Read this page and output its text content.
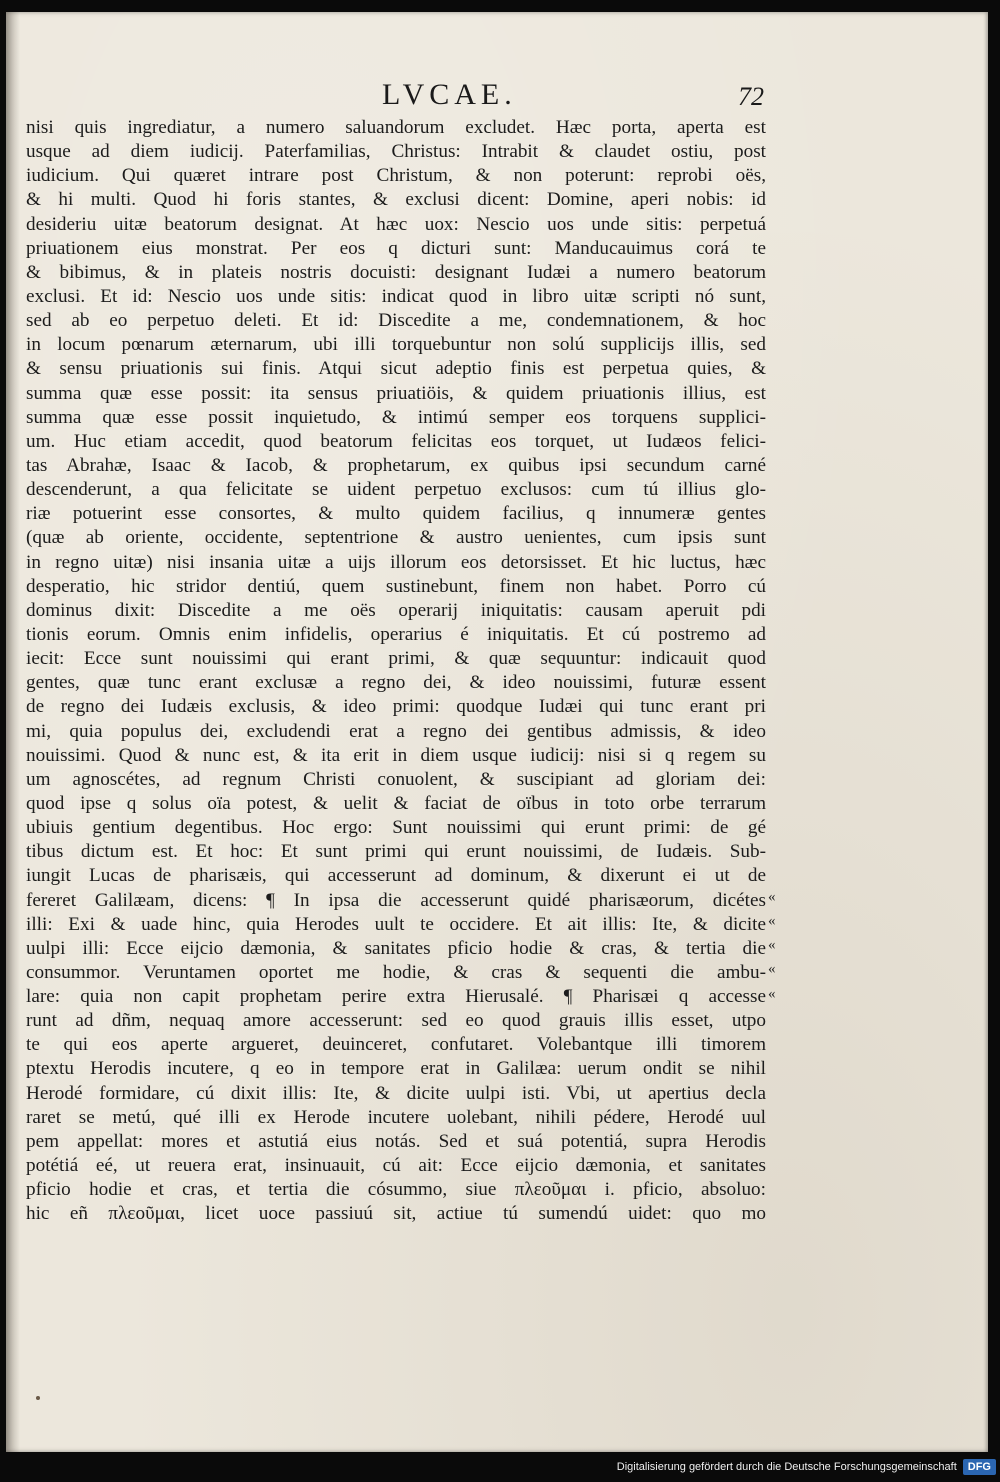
LVCAE.	72
nisi quis ingrediatur, a numero saluandorum excludet. Hæc porta, aperta est
usque ad diem iudicij. Paterfamilias, Christus: Intrabit & claudet ostiu, post
iudicium. Qui quæret intrare post Christum, & non poterunt: reprobi oës,
& hi multi. Quod hi foris stantes, & exclusi dicent: Domine, aperi nobis: id
desideriu uitæ beatorum designat. At hæc uox: Nescio uos unde sitis: perpetuá
priuationem eius monstrat. Per eos q dicturi sunt: Manducauimus corá te
& bibimus, & in plateis nostris docuisti: designant Iudæi a numero beatorum
exclusi. Et id: Nescio uos unde sitis: indicat quod in libro uitæ scripti nó sunt,
sed ab eo perpetuo deleti. Et id: Discedite a me, condemnationem, & hoc
in locum pœnarum æternarum, ubi illi torquebuntur non solú supplicijs illis, sed
& sensu priuationis sui finis. Atqui sicut adeptio finis est perpetua quies, &
summa quæ esse possit: ita sensus priuatiöis, & quidem priuationis illius, est
summa quæ esse possit inquietudo, & intimú semper eos torquens supplici-
um. Huc etiam accedit, quod beatorum felicitas eos torquet, ut Iudæos felici-
tas Abrahæ, Isaac & Iacob, & prophetarum, ex quibus ipsi secundum carné
descenderunt, a qua felicitate se uident perpetuo exclusos: cum tú illius glo-
riæ potuerint esse consortes, & multo quidem facilius, q innumeræ gentes
(quæ ab oriente, occidente, septentrione & austro uenientes, cum ipsis sunt
in regno uitæ) nisi insania uitæ a uijs illorum eos detorsisset. Et hic luctus, hæc
desperatio, hic stridor dentiú, quem sustinebunt, finem non habet. Porro cú
dominus dixit: Discedite a me oës operarij iniquitatis: causam aperuit pdi
tionis eorum. Omnis enim infidelis, operarius é iniquitatis. Et cú postremo ad
iecit: Ecce sunt nouissimi qui erant primi, & quæ sequuntur: indicauit quod
gentes, quæ tunc erant exclusæ a regno dei, & ideo nouissimi, futuræ essent
de regno dei Iudæis exclusis, & ideo primi: quodque Iudæi qui tunc erant pri
mi, quia populus dei, excludendi erat a regno dei gentibus admissis, & ideo
nouissimi. Quod & nunc est, & ita erit in diem usque iudicij: nisi si q regem su
um agnoscétes, ad regnum Christi conuolent, & suscipiant ad gloriam dei:
quod ipse q solus oïa potest, & uelit & faciat de oïbus in toto orbe terrarum
ubiuis gentium degentibus. Hoc ergo: Sunt nouissimi qui erunt primi: de gé
tibus dictum est. Et hoc: Et sunt primi qui erunt nouissimi, de Iudæis. Sub-
iungit Lucas de pharisæis, qui accesserunt ad dominum, & dixerunt ei ut de
fereret Galilæam, dicens: ¶ In ipsa die accesserunt quidé pharisæorum, dicétes
illi: Exi & uade hinc, quia Herodes uult te occidere. Et ait illis: Ite, & dicite
uulpi illi: Ecce eijcio dæmonia, & sanitates pficio hodie & cras, & tertia die
consummor. Veruntamen oportet me hodie, & cras & sequenti die ambu-
lare: quia non capit prophetam perire extra Hierusalé. ¶ Pharisæi q accesse
runt ad dñm, nequaq amore accesserunt: sed eo quod grauis illis esset, utpo
te qui eos aperte argueret, deuinceret, confutaret. Volebantque illi timorem
ptextu Herodis incutere, q eo in tempore erat in Galilæa: uerum ondit se nihil
Herodé formidare, cú dixit illis: Ite, & dicite uulpi isti. Vbi, ut apertius decla
raret se metú, qué illi ex Herode incutere uolebant, nihili pédere, Herodé uul
pem appellat: mores et astutiá eius notás. Sed et suá potentiá, supra Herodis
potétiá eé, ut reuera erat, insinuauit, cú ait: Ecce eijcio dæmonia, et sanitates
pficio hodie et cras, et tertia die cósummo, siue πλεοῦμαι i. pficio, absoluo:
hic eñ πλεοῦμαι, licet uoce passiuú sit, actiue tú sumendú uidet: quo mo
«
«
«
«
«
Digitalisierung gefördert durch die Deutsche Forschungsgemeinschaft	DFG
